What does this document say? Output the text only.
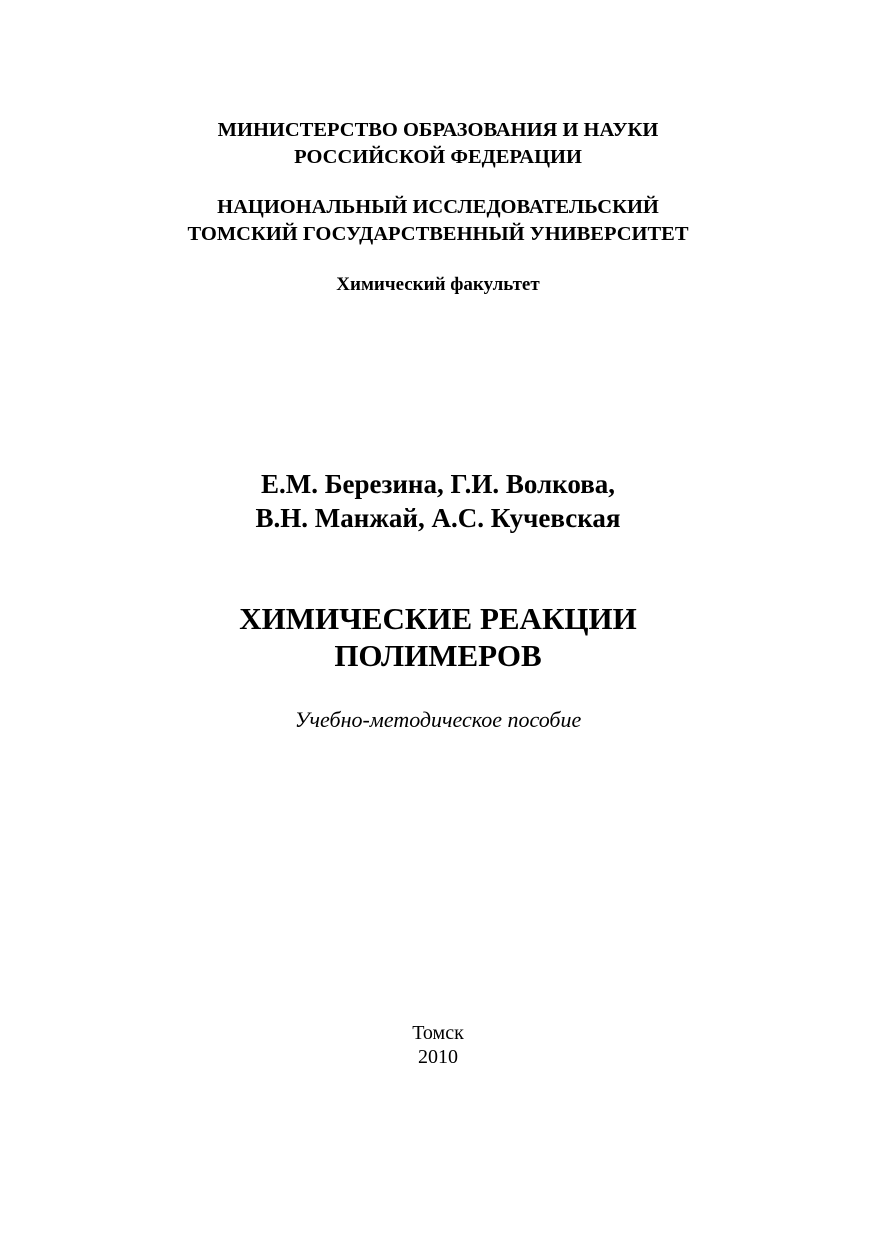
МИНИСТЕРСТВО ОБРАЗОВАНИЯ И НАУКИ
РОССИЙСКОЙ ФЕДЕРАЦИИ
НАЦИОНАЛЬНЫЙ ИССЛЕДОВАТЕЛЬСКИЙ
ТОМСКИЙ ГОСУДАРСТВЕННЫЙ УНИВЕРСИТЕТ
Химический факультет
Е.М. Березина, Г.И. Волкова,
В.Н. Манжай, А.С. Кучевская
ХИМИЧЕСКИЕ РЕАКЦИИ
ПОЛИМЕРОВ
Учебно-методическое пособие
Томск
2010
